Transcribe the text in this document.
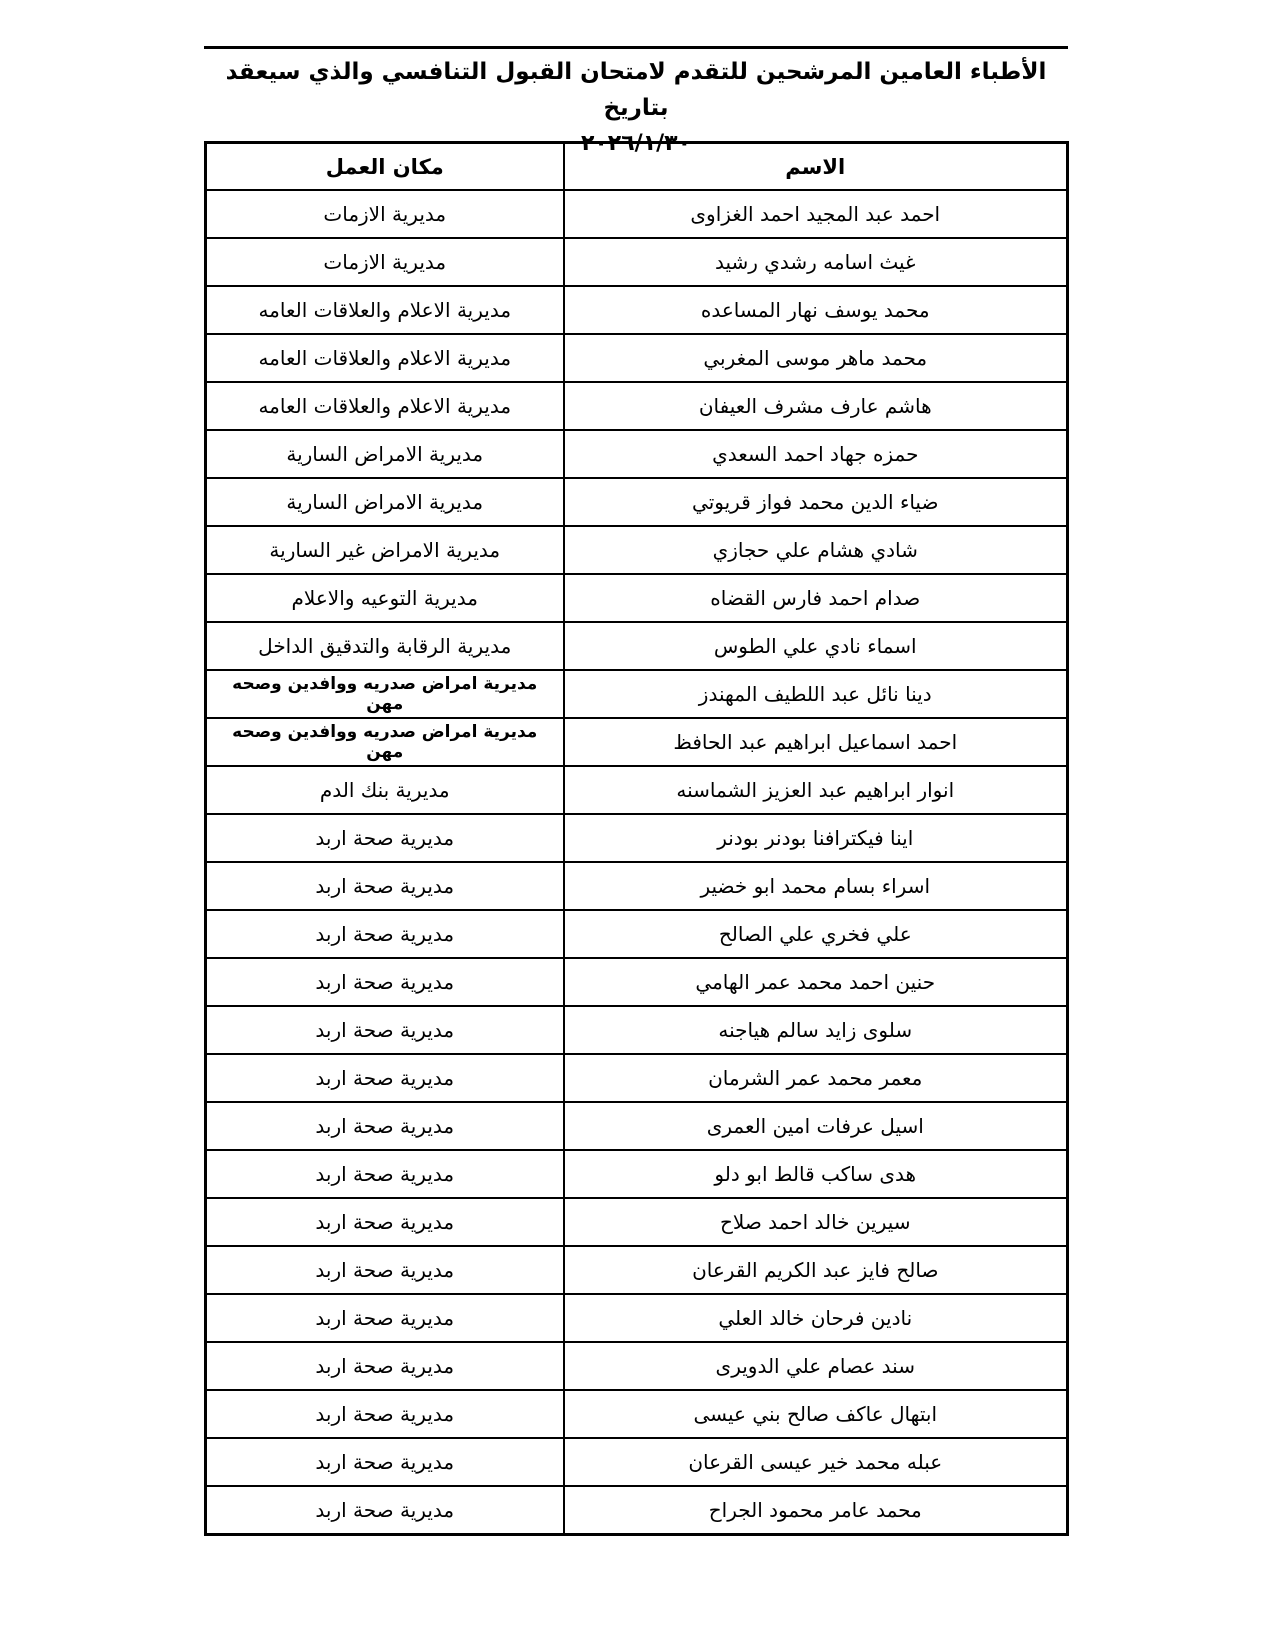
الأطباء العامين المرشحين للتقدم لامتحان القبول التنافسي والذي سيعقد بتاريخ
٢٠٢٦/١/٣٠
الاسم	مكان العمل
احمد عبد المجيد احمد الغزاوى	مديرية الازمات
غيث اسامه رشدي رشيد	مديرية الازمات
محمد يوسف نهار المساعده	مديرية الاعلام والعلاقات العامه
محمد ماهر موسى المغربي	مديرية الاعلام والعلاقات العامه
هاشم عارف مشرف العيفان	مديرية الاعلام والعلاقات العامه
حمزه جهاد احمد السعدي	مديرية الامراض السارية
ضياء الدين محمد فواز قريوتي	مديرية الامراض السارية
شادي هشام علي حجازي	مديرية الامراض غير السارية
صدام احمد فارس القضاه	مديرية التوعيه والاعلام
اسماء نادي علي الطوس	مديرية الرقابة والتدقيق الداخل
دينا نائل عبد اللطيف المهندز	مديرية امراض صدريه ووافدين وصحه مهن
احمد اسماعيل ابراهيم عبد الحافظ	مديرية امراض صدريه ووافدين وصحه مهن
انوار ابراهيم عبد العزيز الشماسنه	مديرية بنك الدم
اينا فيكترافنا بودنر بودنر	مديرية صحة اربد
اسراء بسام محمد ابو خضير	مديرية صحة اربد
علي فخري علي الصالح	مديرية صحة اربد
حنين احمد محمد عمر الهامي	مديرية صحة اربد
سلوى زايد سالم هياجنه	مديرية صحة اربد
معمر محمد عمر الشرمان	مديرية صحة اربد
اسيل عرفات امين العمرى	مديرية صحة اربد
هدى ساكب قالط ابو دلو	مديرية صحة اربد
سيرين خالد احمد صلاح	مديرية صحة اربد
صالح فايز عبد الكريم القرعان	مديرية صحة اربد
نادين فرحان خالد العلي	مديرية صحة اربد
سند عصام علي الدويرى	مديرية صحة اربد
ابتهال عاكف صالح بني عيسى	مديرية صحة اربد
عبله محمد خير عيسى القرعان	مديرية صحة اربد
محمد عامر محمود الجراح	مديرية صحة اربد
